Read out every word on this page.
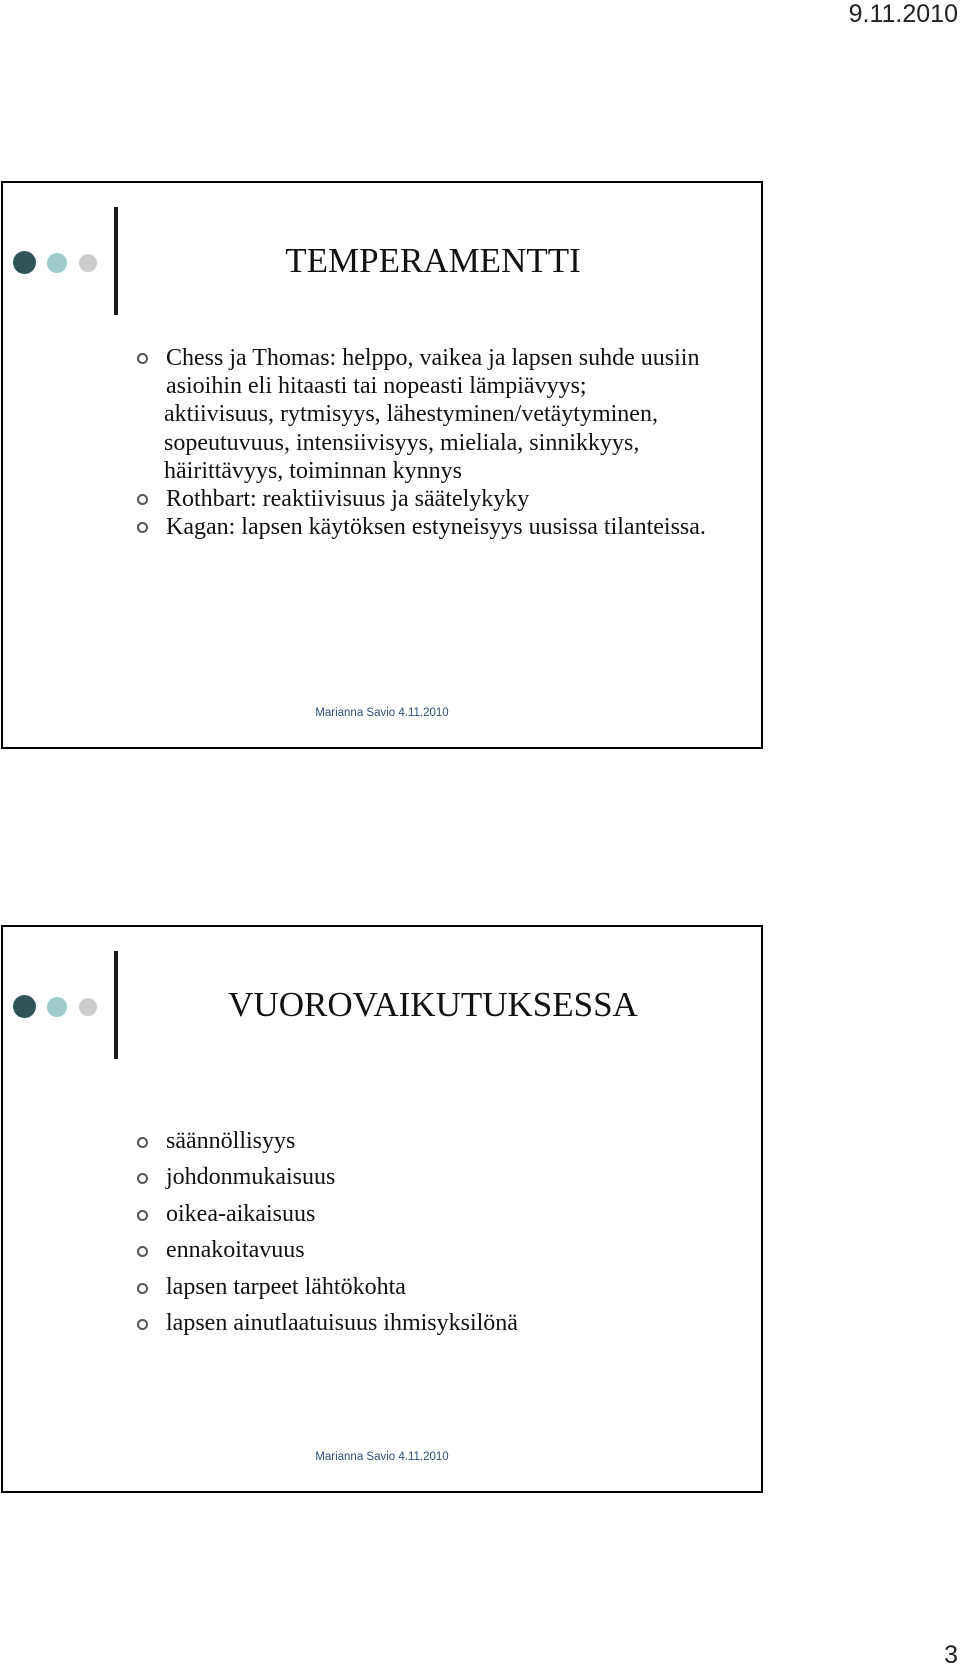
9.11.2010
TEMPERAMENTTI
Chess ja Thomas: helppo, vaikea ja lapsen suhde uusiin asioihin eli hitaasti tai nopeasti lämpiävyys;
aktiivisuus, rytmisyys, lähestyminen/vetäytyminen, sopeutuvuus, intensiivisyys, mieliala, sinnikkyys, häirittävyys, toiminnan kynnys
Rothbart: reaktiivisuus ja säätelykyky
Kagan: lapsen käytöksen estyneisyys uusissa tilanteissa.
Marianna Savio 4.11.2010
VUOROVAIKUTUKSESSA
säännöllisyys
johdonmukaisuus
oikea-aikaisuus
ennakoitavuus
lapsen tarpeet lähtökohta
lapsen ainutlaatuisuus ihmisyksilönä
Marianna Savio 4.11.2010
3
